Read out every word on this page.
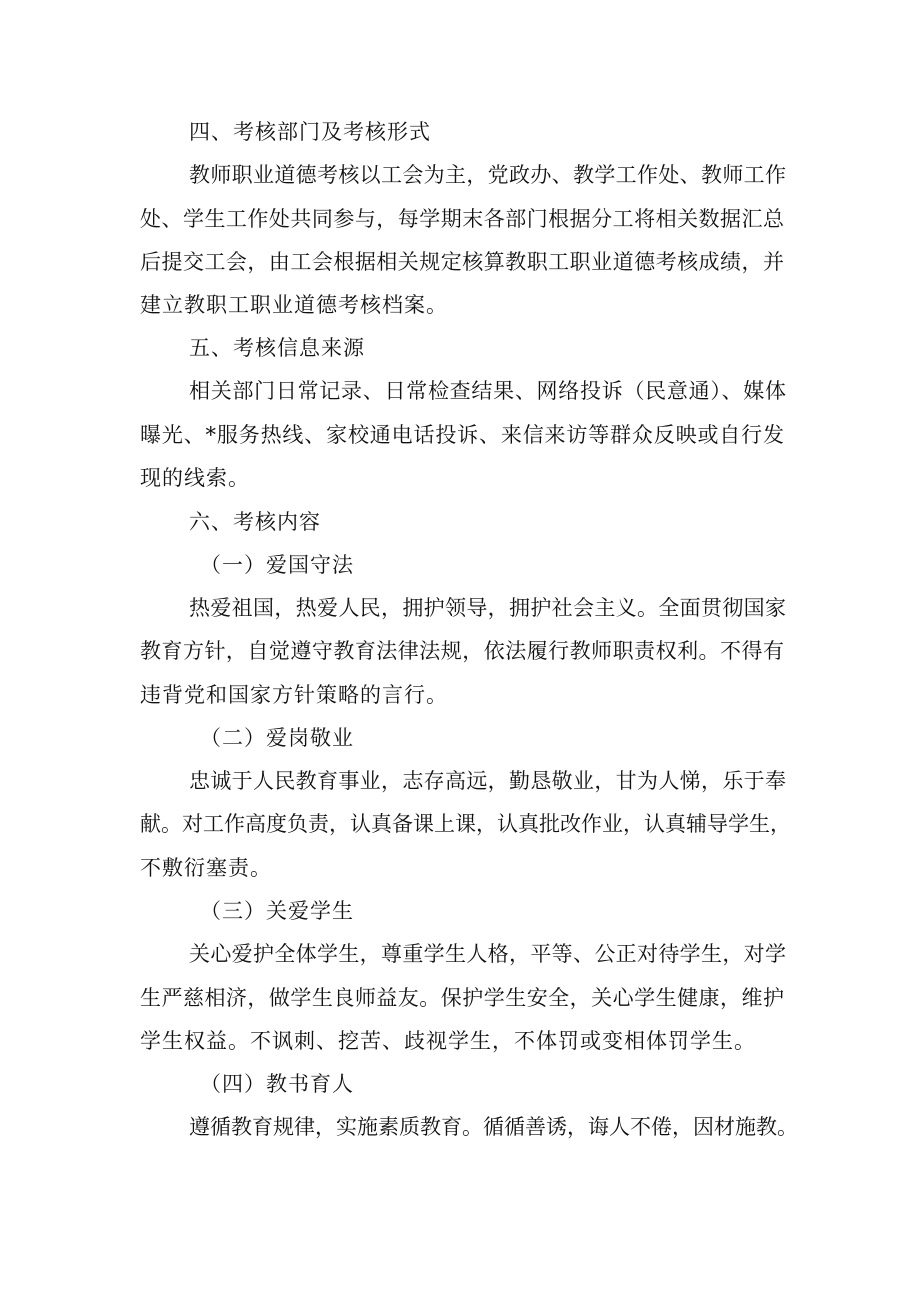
四、考核部门及考核形式
教师职业道德考核以工会为主，党政办、教学工作处、教师工作
处、学生工作处共同参与，每学期末各部门根据分工将相关数据汇总
后提交工会，由工会根据相关规定核算教职工职业道德考核成绩，并
建立教职工职业道德考核档案。
五、考核信息来源
相关部门日常记录、日常检查结果、网络投诉（民意通）、媒体
曝光、*服务热线、家校通电话投诉、来信来访等群众反映或自行发
现的线索。
六、考核内容
（一）爱国守法
热爱祖国，热爱人民，拥护领导，拥护社会主义。全面贯彻国家
教育方针，自觉遵守教育法律法规，依法履行教师职责权利。不得有
违背党和国家方针策略的言行。
（二）爱岗敬业
忠诚于人民教育事业，志存高远，勤恳敬业，甘为人悌，乐于奉
献。对工作高度负责，认真备课上课，认真批改作业，认真辅导学生，
不敷衍塞责。
（三）关爱学生
关心爱护全体学生，尊重学生人格，平等、公正对待学生，对学
生严慈相济，做学生良师益友。保护学生安全，关心学生健康，维护
学生权益。不讽刺、挖苦、歧视学生，不体罚或变相体罚学生。
（四）教书育人
遵循教育规律，实施素质教育。循循善诱，诲人不倦，因材施教。
